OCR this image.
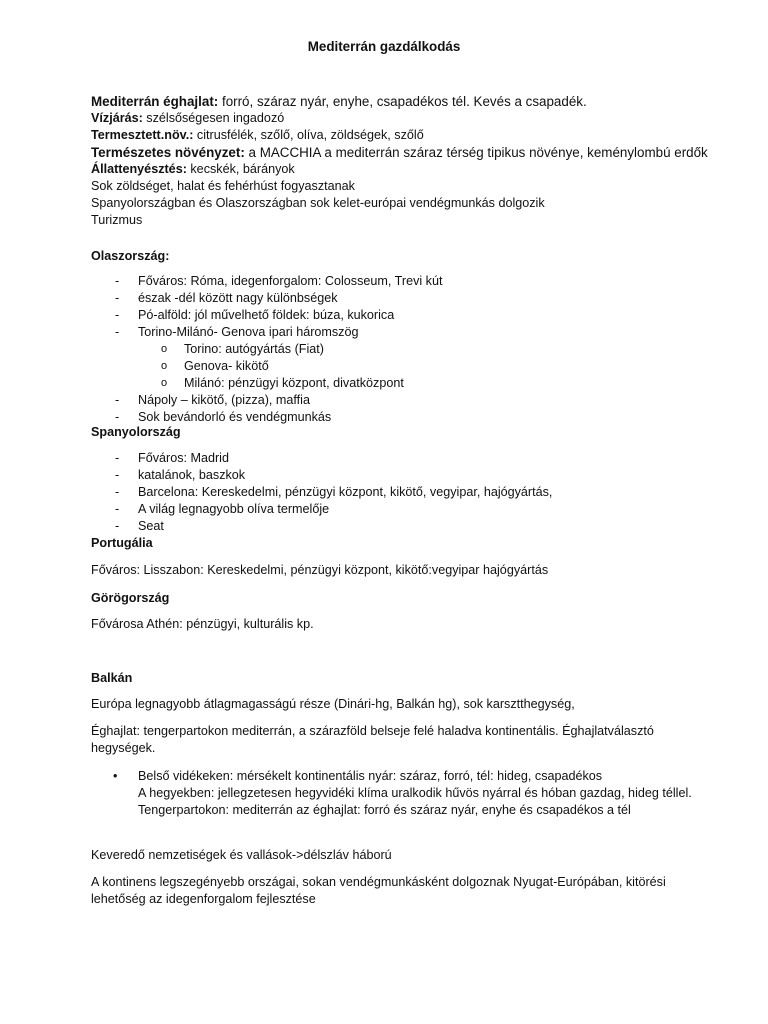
Mediterrán gazdálkodás
Mediterrán éghajlat: forró, száraz nyár, enyhe, csapadékos tél. Kevés a csapadék.
Vízjárás: szélsőségesen ingadozó
Termesztett.növ.: citrusfélék, szőlő, olíva, zöldségek, szőlő
Természetes növényzet: a MACCHIA a mediterrán száraz térség tipikus növénye, keménylombú erdők
Állattenyésztés: kecskék, bárányok
Sok zöldséget, halat és fehérhúst fogyasztanak
Spanyolországban és Olaszországban sok kelet-európai vendégmunkás dolgozik
Turizmus
Olaszország:
- Főváros: Róma, idegenforgalom: Colosseum, Trevi kút
- észak -dél között nagy különbségek
- Pó-alföld: jól művelhető földek: búza, kukorica
- Torino-Milánó- Genova ipari háromszög
o Torino: autógyártás (Fiat)
o Genova- kikötő
o Milánó: pénzügyi központ, divatközpont
- Nápoly – kikötő, (pizza), maffia
- Sok bevándorló és vendégmunkás
Spanyolország
- Főváros: Madrid
- katalánok, baszkok
- Barcelona: Kereskedelmi, pénzügyi központ, kikötő, vegyipar, hajógyártás,
- A világ legnagyobb olíva termelője
- Seat
Portugália
Főváros: Lisszabon: Kereskedelmi, pénzügyi központ, kikötő:vegyipar hajógyártás
Görögország
Fővárosa Athén: pénzügyi, kulturális kp.
Balkán

Európa legnagyobb átlagmagasságú része (Dinári-hg, Balkán hg), sok karsztthegység,

Éghajlat: tengerpartokon mediterrán, a szárazföld belseje felé haladva kontinentális. Éghajlatválasztó hegységek.

• Belső vidékeken: mérsékelt kontinentális nyár: száraz, forró, tél: hideg, csapadékos
A hegyekben: jellegzetesen hegyvidéki klíma uralkodik hűvös nyárral és hóban gazdag, hideg téllel.
Tengerpartokon: mediterrán az éghajlat: forró és száraz nyár, enyhe és csapadékos a tél

Keveredő nemzetiségek és vallások->délszláv háború

A kontinens legszegényebb országai, sokan vendégmunkásként dolgoznak Nyugat-Európában, kitörési lehetőség az idegenforgalom fejlesztése
